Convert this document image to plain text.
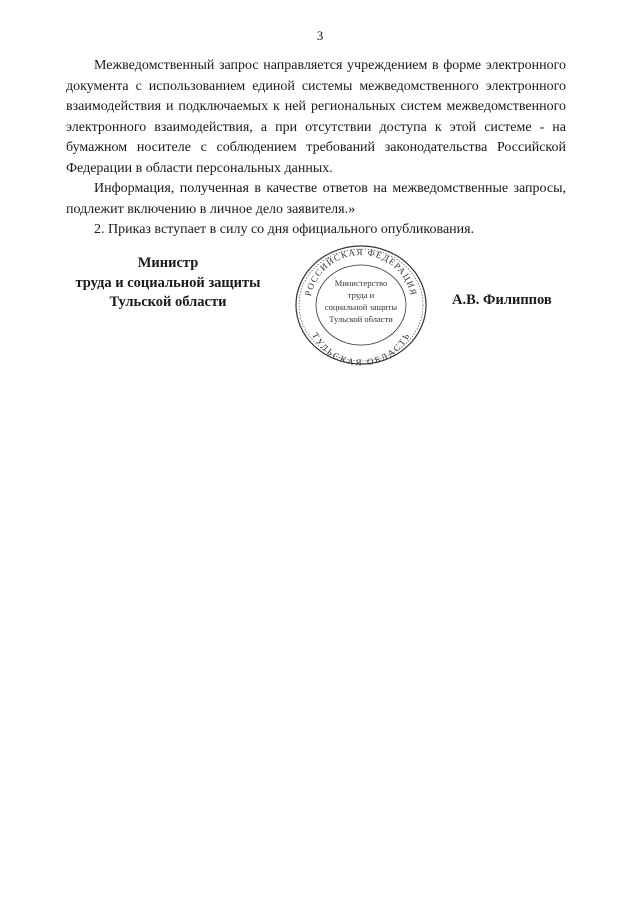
3

Межведомственный запрос направляется учреждением в форме электронного документа с использованием единой системы межведомственного электронного взаимодействия и подключаемых к ней региональных систем межведомственного электронного взаимодействия, а при отсутствии доступа к этой системе - на бумажном носителе с соблюдением требований законодательства Российской Федерации в области персональных данных.

Информация, полученная в качестве ответов на межведомственные запросы, подлежит включению в личное дело заявителя.»

2. Приказ вступает в силу со дня официального опубликования.

Министр
труда и социальной защиты
Тульской области
РОССИЙСКАЯ ФЕДЕРАЦИЯ
ТУЛЬСКАЯ ОБЛАСТЬ
Министерство
труда и
социальной защиты
Тульской области
А.В. Филиппов
